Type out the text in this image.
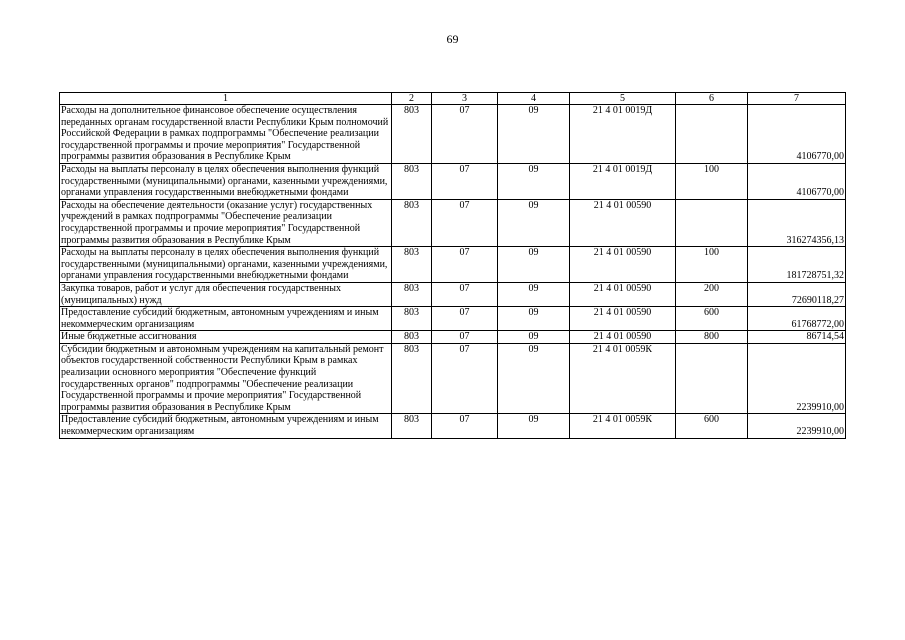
69
1	2	3	4	5	6	7
Расходы на дополнительное финансовое обеспечение осуществления переданных органам государственной власти Республики Крым полномочий Российской Федерации в рамках подпрограммы "Обеспечение реализации государственной программы и прочие мероприятия" Государственной программы развития образования в Республике Крым	803	07	09	21 4 01 0019Д		4106770,00
Расходы на выплаты персоналу в целях обеспечения выполнения функций государственными (муниципальными) органами, казенными учреждениями, органами управления государственными внебюджетными фондами	803	07	09	21 4 01 0019Д	100	4106770,00
Расходы на обеспечение деятельности (оказание услуг) государственных учреждений в рамках подпрограммы "Обеспечение реализации государственной программы и прочие мероприятия" Государственной программы развития образования в Республике Крым	803	07	09	21 4 01 00590		316274356,13
Расходы на выплаты персоналу в целях обеспечения выполнения функций государственными (муниципальными) органами, казенными учреждениями, органами управления государственными внебюджетными фондами	803	07	09	21 4 01 00590	100	181728751,32
Закупка товаров, работ и услуг для обеспечения государственных (муниципальных) нужд	803	07	09	21 4 01 00590	200	72690118,27
Предоставление субсидий бюджетным, автономным учреждениям и иным некоммерческим организациям	803	07	09	21 4 01 00590	600	61768772,00
Иные бюджетные ассигнования	803	07	09	21 4 01 00590	800	86714,54
Субсидии бюджетным и автономным учреждениям на капитальный ремонт объектов государственной собственности Республики Крым в рамках реализации основного мероприятия "Обеспечение функций государственных органов" подпрограммы "Обеспечение реализации Государственной программы и прочие мероприятия" Государственной программы развития образования в Республике Крым	803	07	09	21 4 01 0059К		2239910,00
Предоставление субсидий бюджетным, автономным учреждениям и иным некоммерческим организациям	803	07	09	21 4 01 0059К	600	2239910,00
